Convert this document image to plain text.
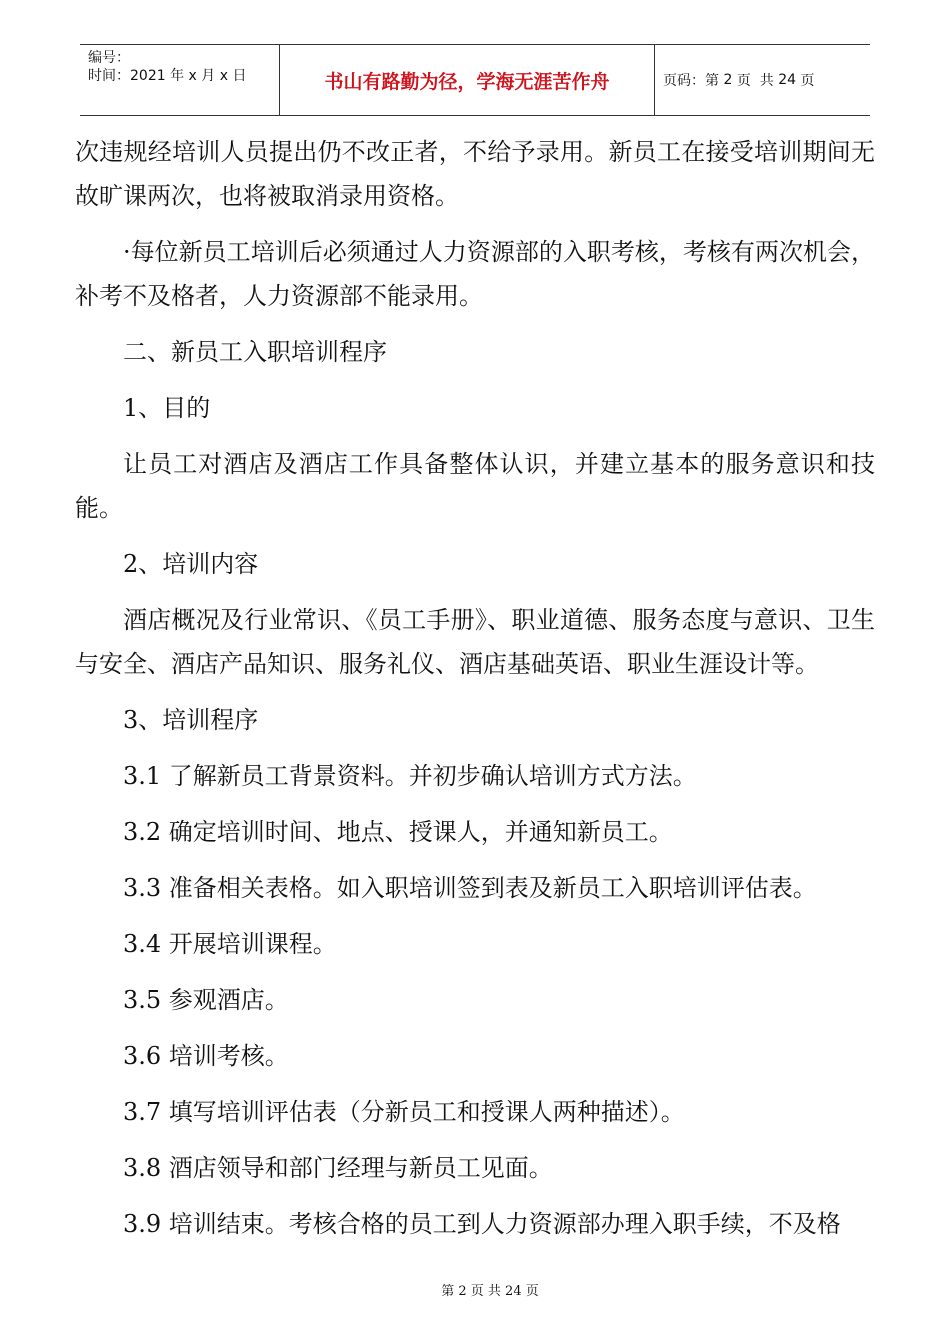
编号：
时间：2021 年 x 月 x 日	书山有路勤为径，学海无涯苦作舟	页码：第 2 页  共 24 页

次违规经培训人员提出仍不改正者，不给予录用。新员工在接受培训期间无故旷课两次，也将被取消录用资格。

·每位新员工培训后必须通过人力资源部的入职考核，考核有两次机会，补考不及格者，人力资源部不能录用。

二、新员工入职培训程序

1、目的

让员工对酒店及酒店工作具备整体认识，并建立基本的服务意识和技能。

2、培训内容

酒店概况及行业常识、《员工手册》、职业道德、服务态度与意识、卫生与安全、酒店产品知识、服务礼仪、酒店基础英语、职业生涯设计等。

3、培训程序

3.1 了解新员工背景资料。并初步确认培训方式方法。

3.2 确定培训时间、地点、授课人，并通知新员工。

3.3 准备相关表格。如入职培训签到表及新员工入职培训评估表。

3.4 开展培训课程。

3.5 参观酒店。

3.6 培训考核。

3.7 填写培训评估表（分新员工和授课人两种描述）。

3.8 酒店领导和部门经理与新员工见面。

3.9 培训结束。考核合格的员工到人力资源部办理入职手续，不及格

第 2 页 共 24 页
